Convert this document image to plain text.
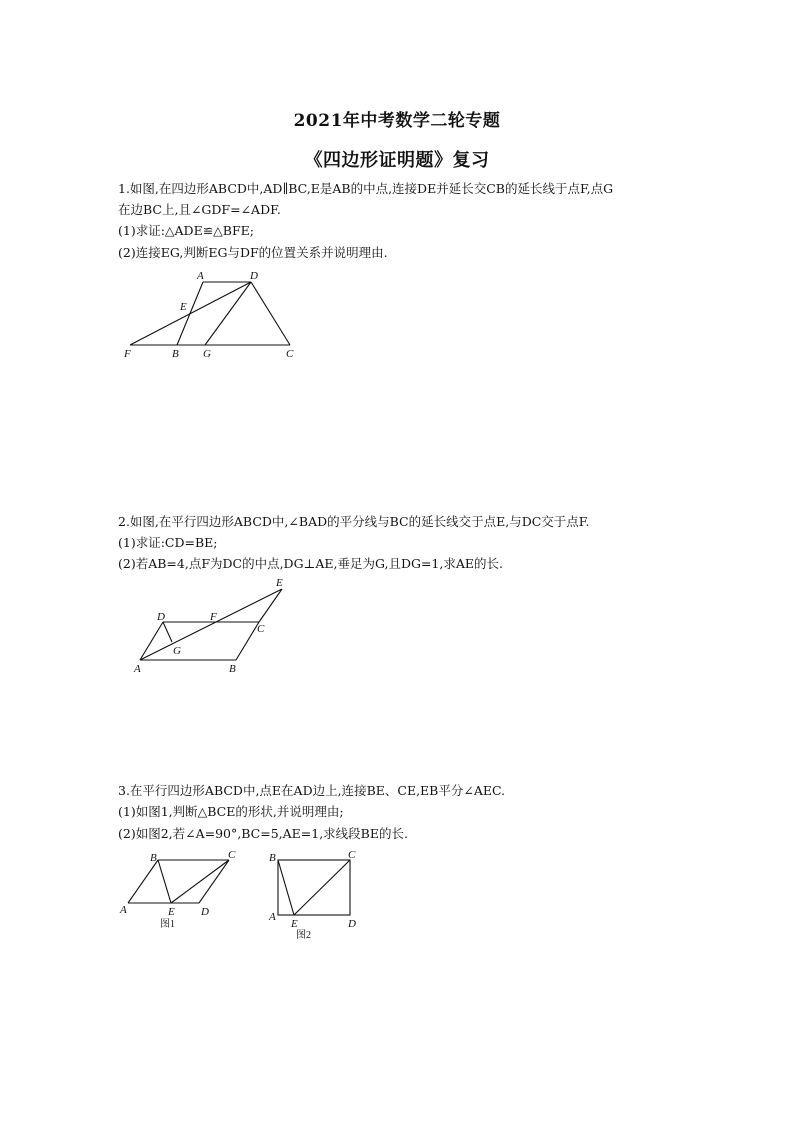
2021年中考数学二轮专题
《四边形证明题》复习
1.如图,在四边形ABCD中,AD∥BC,E是AB的中点,连接DE并延长交CB的延长线于点F,点G
在边BC上,且∠GDF=∠ADF.
(1)求证:△ADE≌△BFE;
(2)连接EG,判断EG与DF的位置关系并说明理由.
A	D
E
F	B G	C
2.如图,在平行四边形ABCD中,∠BAD的平分线与BC的延长线交于点E,与DC交于点F.
(1)求证:CD=BE;
(2)若AB=4,点F为DC的中点,DG⊥AE,垂足为G,且DG=1,求AE的长.
E
D	F
C
G
A	B
3.在平行四边形ABCD中,点E在AD边上,连接BE、CE,EB平分∠AEC.
(1)如图1,判断△BCE的形状,并说明理由;
(2)如图2,若∠A=90°,BC=5,AE=1,求线段BE的长.
B	C
A	E D
图1
B	C
A
E	D
图2
